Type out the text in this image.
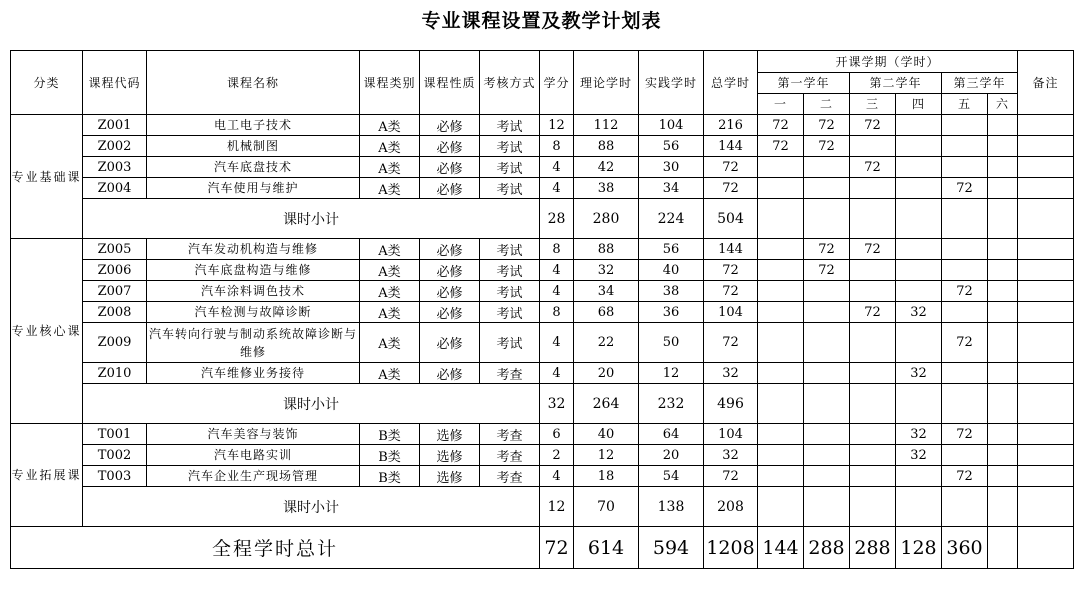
专业课程设置及教学计划表
分类	课程代码	课程名称	课程类别	课程性质	考核方式	学分	理论学时	实践学时	总学时	开课学期（学时）						备注
										第一学年		第二学年		第三学年		
										一	二	三	四	五	六	
专业基础课	Z001	电工电子技术	A类	必修	考试	12	112	104	216	72	72	72				
	Z002	机械制图	A类	必修	考试	8	88	56	144	72	72					
	Z003	汽车底盘技术	A类	必修	考试	4	42	30	72			72				
	Z004	汽车使用与维护	A类	必修	考试	4	38	34	72					72		
	课时小计					28	280	224	504							
专业核心课	Z005	汽车发动机构造与维修	A类	必修	考试	8	88	56	144		72	72				
	Z006	汽车底盘构造与维修	A类	必修	考试	4	32	40	72		72					
	Z007	汽车涂料调色技术	A类	必修	考试	4	34	38	72					72		
	Z008	汽车检测与故障诊断	A类	必修	考试	8	68	36	104			72	32			
	Z009	汽车转向行驶与制动系统故障诊断与维修	A类	必修	考试	4	22	50	72					72		
	Z010	汽车维修业务接待	A类	必修	考查	4	20	12	32				32			
	课时小计					32	264	232	496							
专业拓展课	T001	汽车美容与装饰	B类	选修	考查	6	40	64	104				32	72		
	T002	汽车电路实训	B类	选修	考查	2	12	20	32				32			
	T003	汽车企业生产现场管理	B类	选修	考查	4	18	54	72					72		
	课时小计					12	70	138	208							
全程学时总计						72	614	594	1208	144	288	288	128	360		
